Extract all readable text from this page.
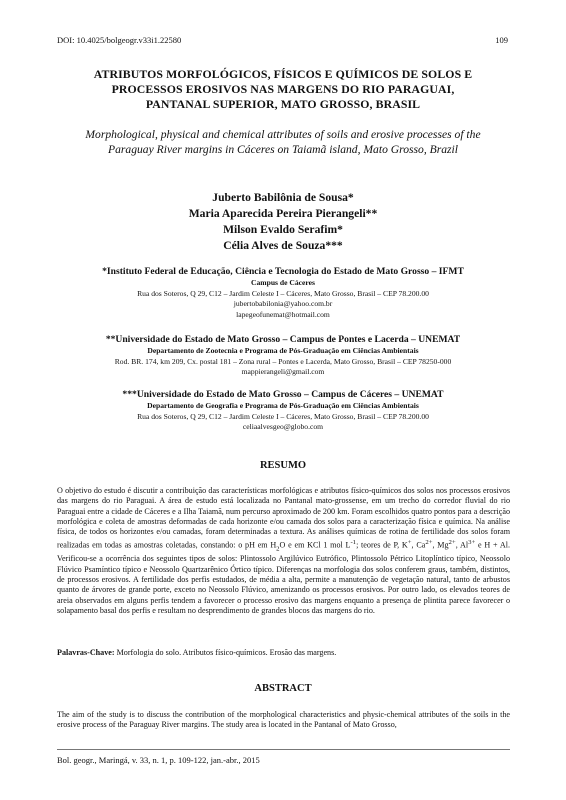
DOI: 10.4025/bolgeogr.v33i1.22580	109
ATRIBUTOS MORFOLÓGICOS, FÍSICOS E QUÍMICOS DE SOLOS E
PROCESSOS EROSIVOS NAS MARGENS DO RIO PARAGUAI,
PANTANAL SUPERIOR, MATO GROSSO, BRASIL
Morphological, physical and chemical attributes of soils and erosive processes of the
Paraguay River margins in Cáceres on Taiamã island, Mato Grosso, Brazil
Juberto Babilônia de Sousa*
Maria Aparecida Pereira Pierangeli**
Milson Evaldo Serafim*
Célia Alves de Souza***
*Instituto Federal de Educação, Ciência e Tecnologia do Estado de Mato Grosso – IFMT
Campus de Cáceres
Rua dos Soteros, Q 29, C12 – Jardim Celeste I – Cáceres, Mato Grosso, Brasil – CEP 78.200.00
jubertobabilonia@yahoo.com.br
lapegeofunemat@hotmail.com
**Universidade do Estado de Mato Grosso – Campus de Pontes e Lacerda – UNEMAT
Departamento de Zootecnia e Programa de Pós-Graduação em Ciências Ambientais
Rod. BR. 174, km 209, Cx. postal 181 – Zona rural – Pontes e Lacerda, Mato Grosso, Brasil – CEP 78250-000
mappierangeli@gmail.com
***Universidade do Estado de Mato Grosso – Campus de Cáceres – UNEMAT
Departamento de Geografia e Programa de Pós-Graduação em Ciências Ambientais
Rua dos Soteros, Q 29, C12 – Jardim Celeste I – Cáceres, Mato Grosso, Brasil – CEP 78.200.00
celiaalvesgeo@globo.com
RESUMO
O objetivo do estudo é discutir a contribuição das características morfológicas e atributos físico-químicos dos solos nos processos erosivos das margens do rio Paraguai. A área de estudo está localizada no Pantanal mato-grossense, em um trecho do corredor fluvial do rio Paraguai entre a cidade de Cáceres e a Ilha Taiamã, num percurso aproximado de 200 km. Foram escolhidos quatro pontos para a descrição morfológica e coleta de amostras deformadas de cada horizonte e/ou camada dos solos para a caracterização física e química. Na análise física, de todos os horizontes e/ou camadas, foram determinadas a textura. As análises químicas de rotina de fertilidade dos solos foram realizadas em todas as amostras coletadas, constando: o pH em $H_2O$ e em KCl 1 mol $L^{-1}$; teores de P, K+, $Ca^{2+}$, $Mg^{2+}$, $Al^{3+}$ e H + Al. Verificou-se a ocorrência dos seguintes tipos de solos: Plintossolo Argilúvico Eutrófico, Plintossolo Pétrico Litoplíntico típico, Neossolo Flúvico Psamíntico típico e Neossolo Quartzarênico Órtico típico. Diferenças na morfologia dos solos conferem graus, também, distintos, de processos erosivos. A fertilidade dos perfis estudados, de média a alta, permite a manutenção de vegetação natural, tanto de arbustos quanto de árvores de grande porte, exceto no Neossolo Flúvico, amenizando os processos erosivos. Por outro lado, os elevados teores de areia observados em alguns perfis tendem a favorecer o processo erosivo das margens enquanto a presença de plintita parece favorecer o solapamento basal dos perfis e resultam no desprendimento de grandes blocos das margens do rio.
Palavras-Chave: Morfologia do solo. Atributos físico-químicos. Erosão das margens.
ABSTRACT
The aim of the study is to discuss the contribution of the morphological characteristics and physic-chemical attributes of the soils in the erosive process of the Paraguay River margins. The study area is located in the Pantanal of Mato Grosso,
Bol. geogr., Maringá, v. 33, n. 1, p. 109-122, jan.-abr., 2015
